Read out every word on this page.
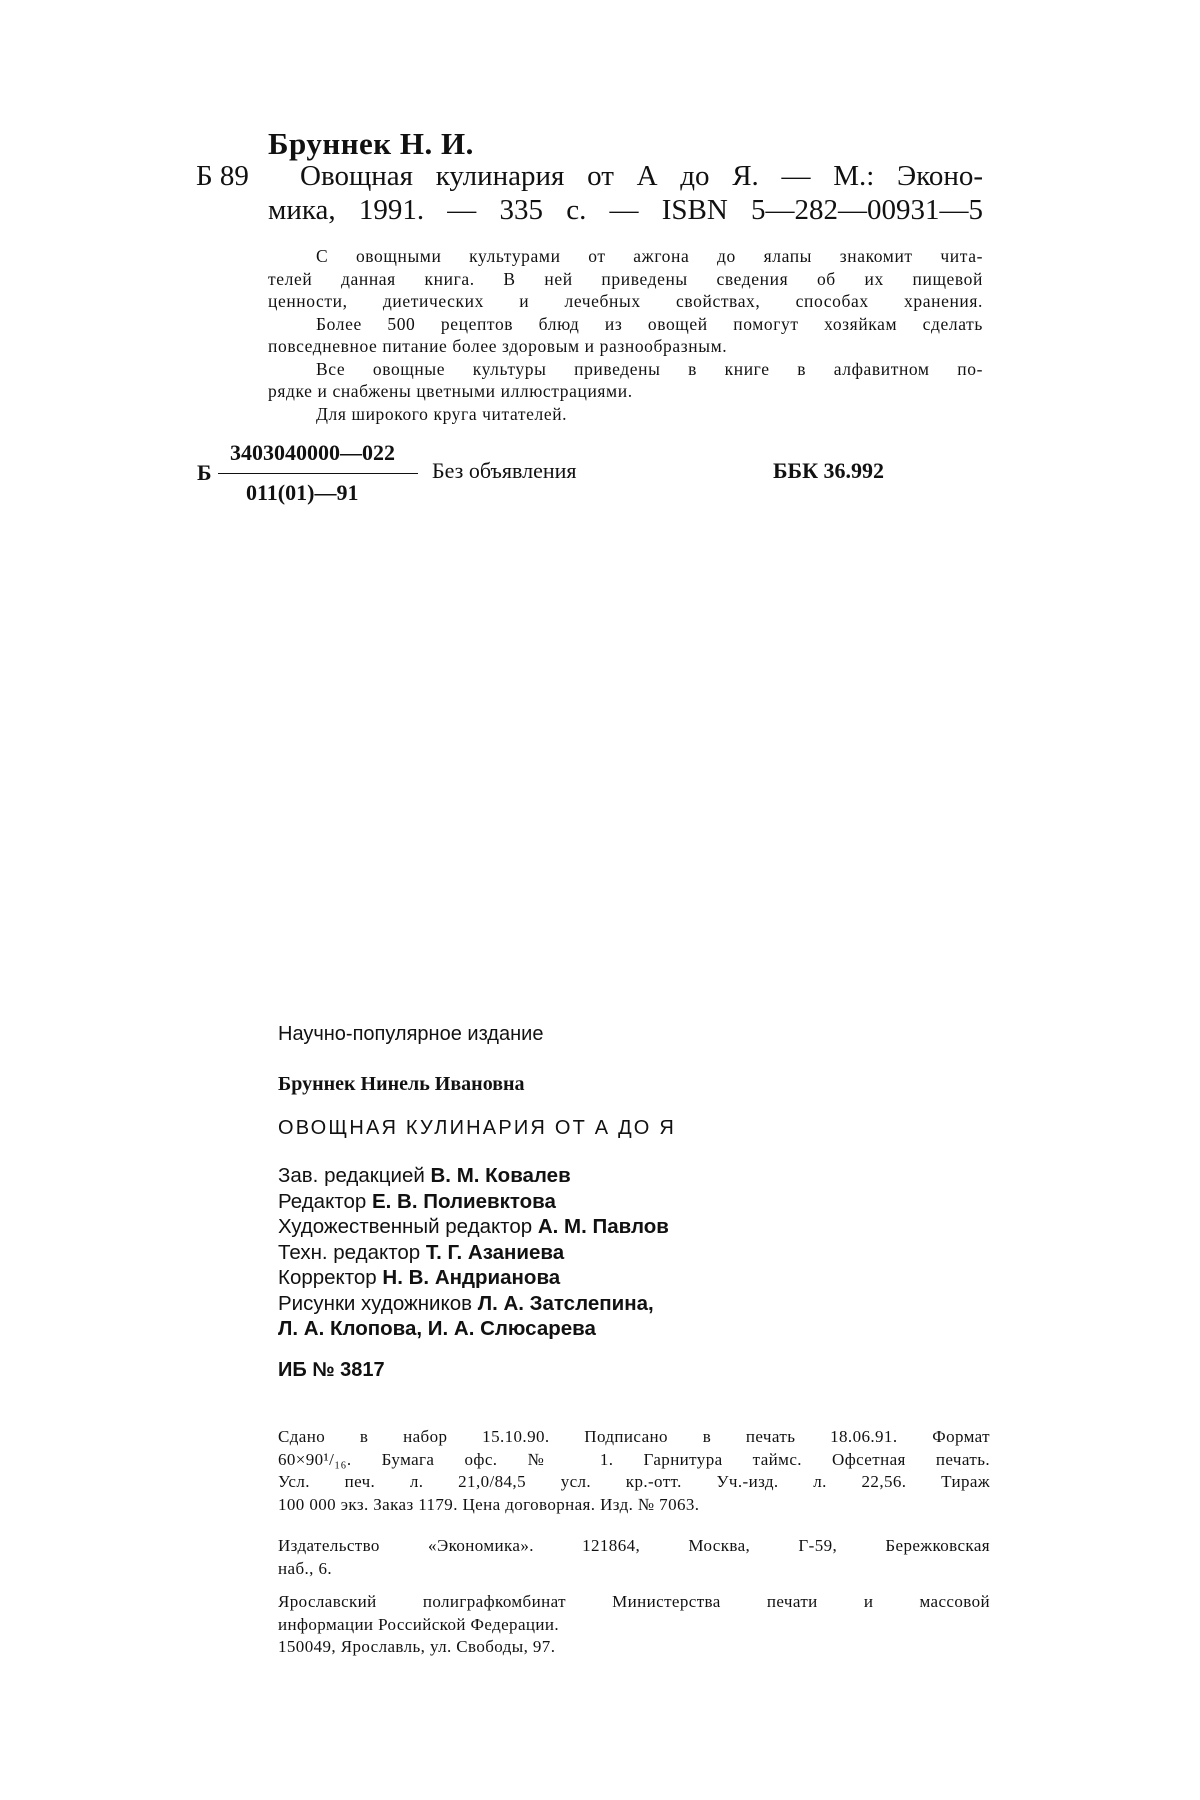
Бруннек Н. И.
Б 89 Овощная кулинария от А до Я. — М.: Эконо-
мика, 1991. — 335 с. — ISBN 5—282—00931—5

С овощными культурами от ажгона до ялапы знакомит чита-

телей данная книга. В ней приведены сведения об их пищевой

ценности, диетических и лечебных свойствах, способах хранения.

Более 500 рецептов блюд из овощей помогут хозяйкам сделать

повседневное питание более здоровым и разнообразным.

Все овощные культуры приведены в книге в алфавитном по-

рядке и снабжены цветными иллюстрациями.

Для широкого круга читателей.

Б
3403040000—022
011(01)—91
Без объявления	ББК 36.992
Научно-популярное издание
Бруннек Нинель Ивановна
ОВОЩНАЯ КУЛИНАРИЯ ОТ А ДО Я
Зав. редакцией В. М. Ковалев
Редактор Е. В. Полиевктова
Художественный редактор А. М. Павлов
Техн. редактор Т. Г. Азаниева
Корректор Н. В. Андрианова
Рисунки художников Л. А. Затслепина,
Л. А. Клопова, И. А. Слюсарева
ИБ № 3817

Сдано в набор 15.10.90. Подписано в печать 18.06.91. Формат

60×90¹/₁₆. Бумага офс. № 1. Гарнитура таймс. Офсетная печать.

Усл. печ. л. 21,0/84,5 усл. кр.-отт. Уч.-изд. л. 22,56. Тираж

100 000 экз. Заказ 1179. Цена договорная. Изд. № 7063.

Издательство «Экономика». 121864, Москва, Г-59, Бережковская

наб., 6.

Ярославский полиграфкомбинат Министерства печати и массовой

информации Российской Федерации.

150049, Ярославль, ул. Свободы, 97.
